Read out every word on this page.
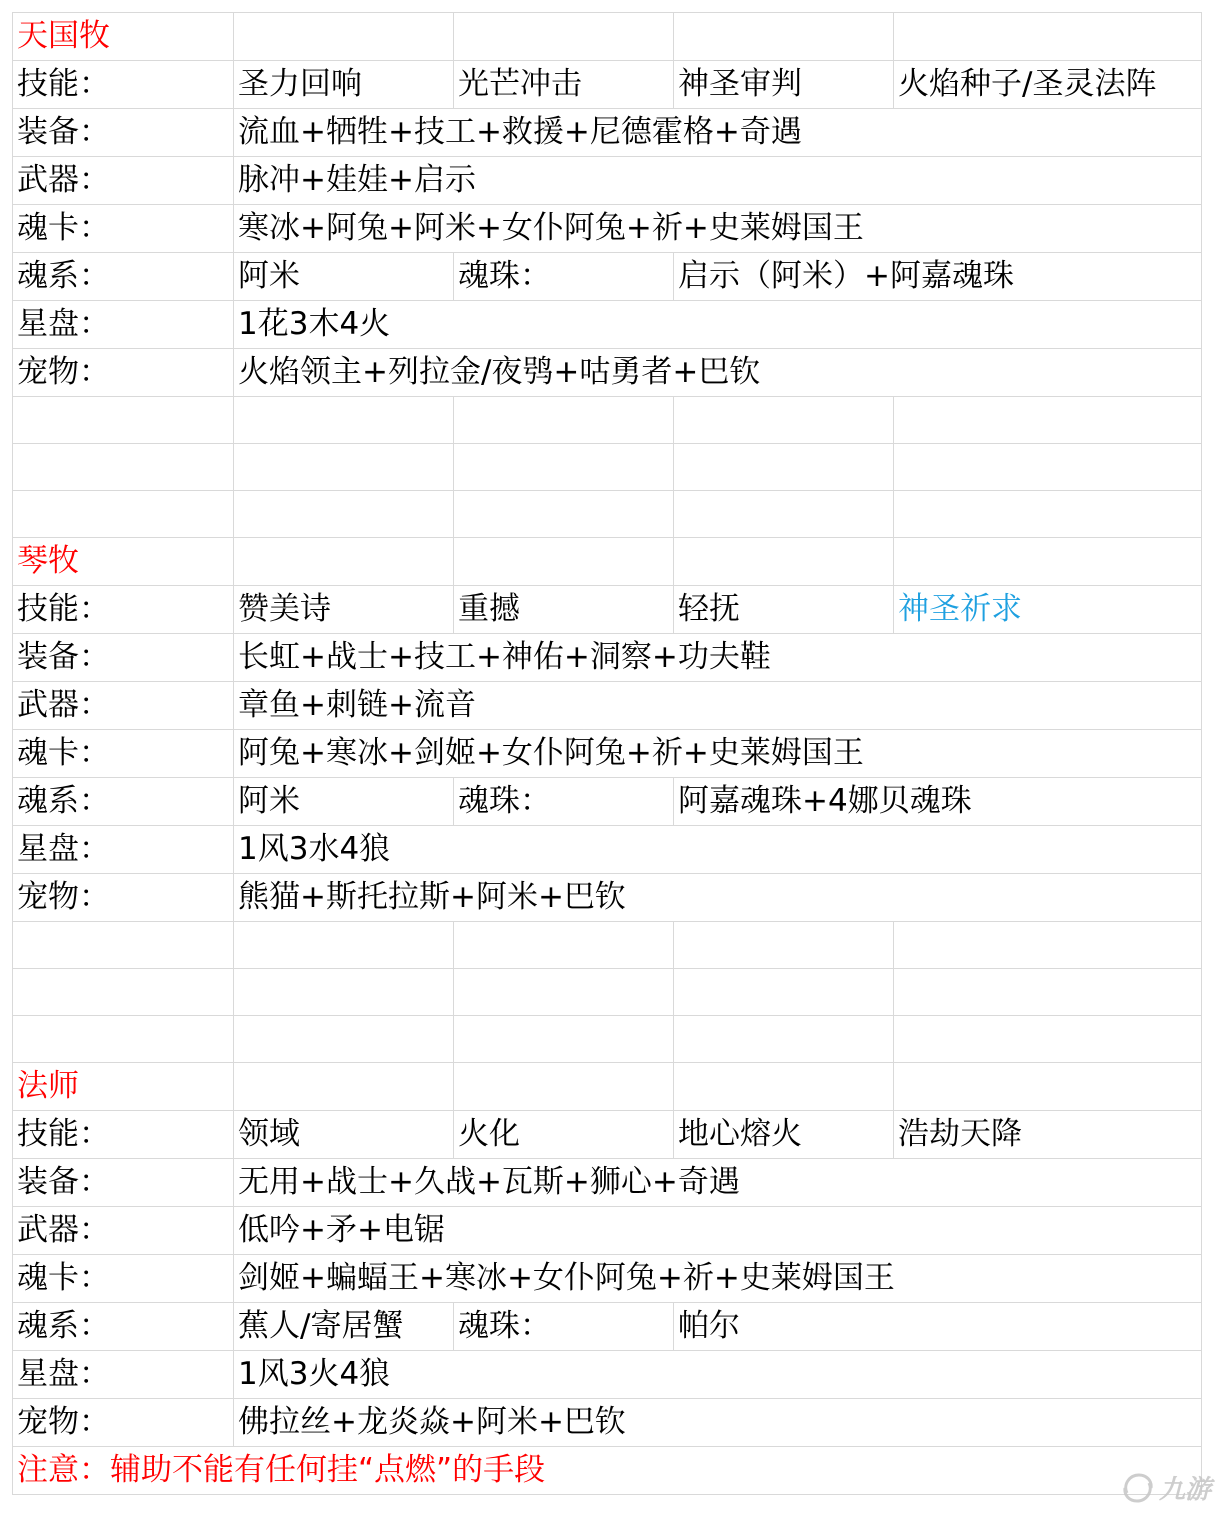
天国牧				
技能：	圣力回响	光芒冲击	神圣审判	火焰种子/圣灵法阵
装备：	流血+牺牲+技工+救援+尼德霍格+奇遇			
武器：	脉冲+娃娃+启示			
魂卡：	寒冰+阿兔+阿米+女仆阿兔+祈+史莱姆国王			
魂系：	阿米	魂珠：	启示（阿米）+阿嘉魂珠	
星盘：	1花3木4火			
宠物：	火焰领主+列拉金/夜鸮+咕勇者+巴钦			

琴牧				
技能：	赞美诗	重撼	轻抚	神圣祈求
装备：	长虹+战士+技工+神佑+洞察+功夫鞋			
武器：	章鱼+刺链+流音			
魂卡：	阿兔+寒冰+剑姬+女仆阿兔+祈+史莱姆国王			
魂系：	阿米	魂珠：	阿嘉魂珠+4娜贝魂珠	
星盘：	1风3水4狼			
宠物：	熊猫+斯托拉斯+阿米+巴钦			

法师				
技能：	领域	火化	地心熔火	浩劫天降
装备：	无用+战士+久战+瓦斯+狮心+奇遇			
武器：	低吟+矛+电锯			
魂卡：	剑姬+蝙蝠王+寒冰+女仆阿兔+祈+史莱姆国王			
魂系：	蕉人/寄居蟹	魂珠：	帕尔	
星盘：	1风3火4狼			
宠物：	佛拉丝+龙炎焱+阿米+巴钦			
注意：辅助不能有任何挂“点燃”的手段				
九游
